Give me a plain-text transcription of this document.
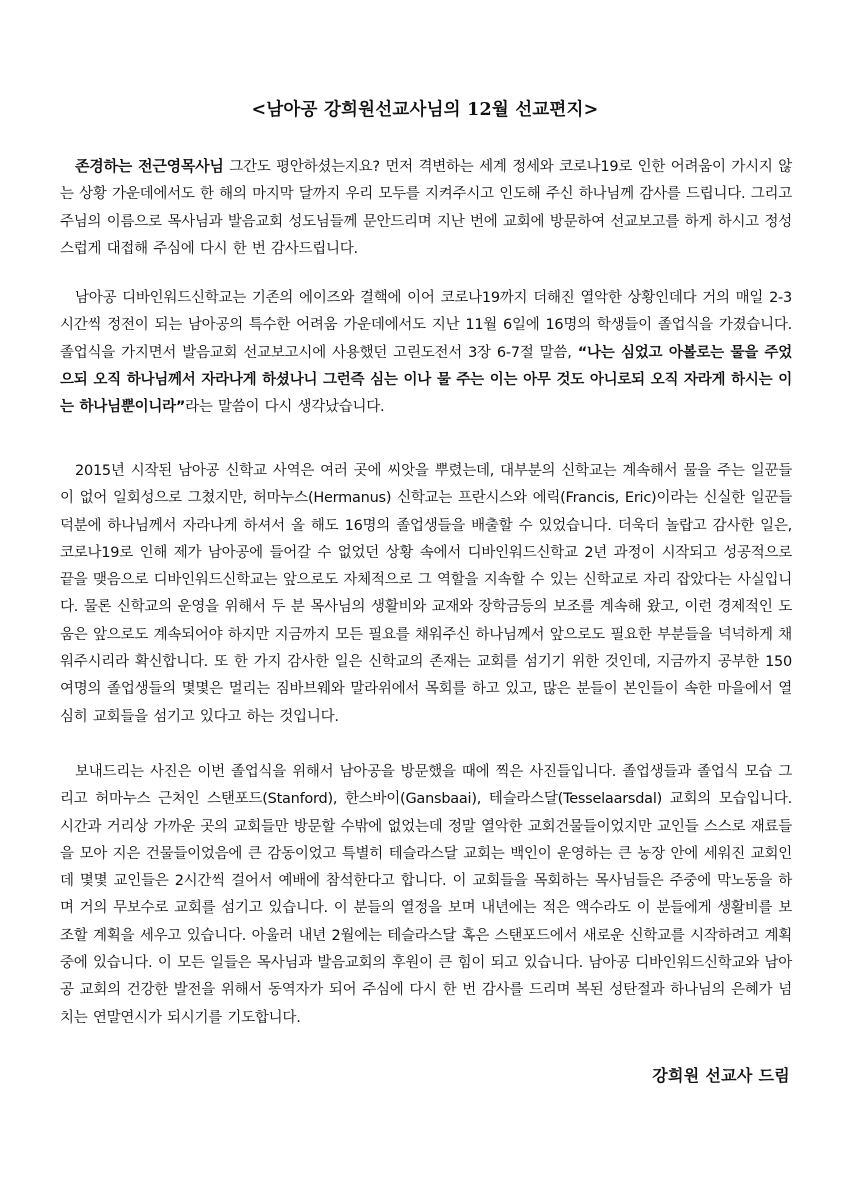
<남아공 강희원선교사님의 12월 선교편지>
존경하는 전근영목사님 그간도 평안하셨는지요? 먼저 격변하는 세계 정세와 코로나19로 인한 어려움이 가시지 않는 상황 가운데에서도 한 해의 마지막 달까지 우리 모두를 지켜주시고 인도해 주신 하나님께 감사를 드립니다. 그리고 주님의 이름으로 목사님과 발음교회 성도님들께 문안드리며 지난 번에 교회에 방문하여 선교보고를 하게 하시고 정성스럽게 대접해 주심에 다시 한 번 감사드립니다.
남아공 디바인워드신학교는 기존의 에이즈와 결핵에 이어 코로나19까지 더해진 열악한 상황인데다 거의 매일 2-3시간씩 정전이 되는 남아공의 특수한 어려움 가운데에서도 지난 11월 6일에 16명의 학생들이 졸업식을 가졌습니다. 졸업식을 가지면서 발음교회 선교보고시에 사용했던 고린도전서 3장 6-7절 말씀, “나는 심었고 아볼로는 물을 주었으되 오직 하나님께서 자라나게 하셨나니 그런즉 심는 이나 물 주는 이는 아무 것도 아니로되 오직 자라게 하시는 이는 하나님뿐이니라”라는 말씀이 다시 생각났습니다.
2015년 시작된 남아공 신학교 사역은 여러 곳에 씨앗을 뿌렸는데, 대부분의 신학교는 계속해서 물을 주는 일꾼들이 없어 일회성으로 그쳤지만, 허마누스(Hermanus) 신학교는 프란시스와 에릭(Francis, Eric)이라는 신실한 일꾼들 덕분에 하나님께서 자라나게 하셔서 올 해도 16명의 졸업생들을 배출할 수 있었습니다. 더욱더 놀랍고 감사한 일은, 코로나19로 인해 제가 남아공에 들어갈 수 없었던 상황 속에서 디바인워드신학교 2년 과정이 시작되고 성공적으로 끝을 맺음으로 디바인워드신학교는 앞으로도 자체적으로 그 역할을 지속할 수 있는 신학교로 자리 잡았다는 사실입니다. 물론 신학교의 운영을 위해서 두 분 목사님의 생활비와 교재와 장학금등의 보조를 계속해 왔고, 이런 경제적인 도움은 앞으로도 계속되어야 하지만 지금까지 모든 필요를 채워주신 하나님께서 앞으로도 필요한 부분들을 넉넉하게 채워주시리라 확신합니다. 또 한 가지 감사한 일은 신학교의 존재는 교회를 섬기기 위한 것인데, 지금까지 공부한 150여명의 졸업생들의 몇몇은 멀리는 짐바브웨와 말라위에서 목회를 하고 있고, 많은 분들이 본인들이 속한 마을에서 열심히 교회들을 섬기고 있다고 하는 것입니다.
보내드리는 사진은 이번 졸업식을 위해서 남아공을 방문했을 때에 찍은 사진들입니다. 졸업생들과 졸업식 모습 그리고 허마누스 근처인 스탠포드(Stanford), 한스바이(Gansbaai), 테슬라스달(Tesselaarsdal) 교회의 모습입니다. 시간과 거리상 가까운 곳의 교회들만 방문할 수밖에 없었는데 정말 열악한 교회건물들이었지만 교인들 스스로 재료들을 모아 지은 건물들이었음에 큰 감동이었고 특별히 테슬라스달 교회는 백인이 운영하는 큰 농장 안에 세워진 교회인데 몇몇 교인들은 2시간씩 걸어서 예배에 참석한다고 합니다. 이 교회들을 목회하는 목사님들은 주중에 막노동을 하며 거의 무보수로 교회를 섬기고 있습니다. 이 분들의 열정을 보며 내년에는 적은 액수라도 이 분들에게 생활비를 보조할 계획을 세우고 있습니다. 아울러 내년 2월에는 테슬라스달 혹은 스탠포드에서 새로운 신학교를 시작하려고 계획 중에 있습니다. 이 모든 일들은 목사님과 발음교회의 후원이 큰 힘이 되고 있습니다. 남아공 디바인워드신학교와 남아공 교회의 건강한 발전을 위해서 동역자가 되어 주심에 다시 한 번 감사를 드리며 복된 성탄절과 하나님의 은혜가 넘치는 연말연시가 되시기를 기도합니다.
강희원 선교사 드림
